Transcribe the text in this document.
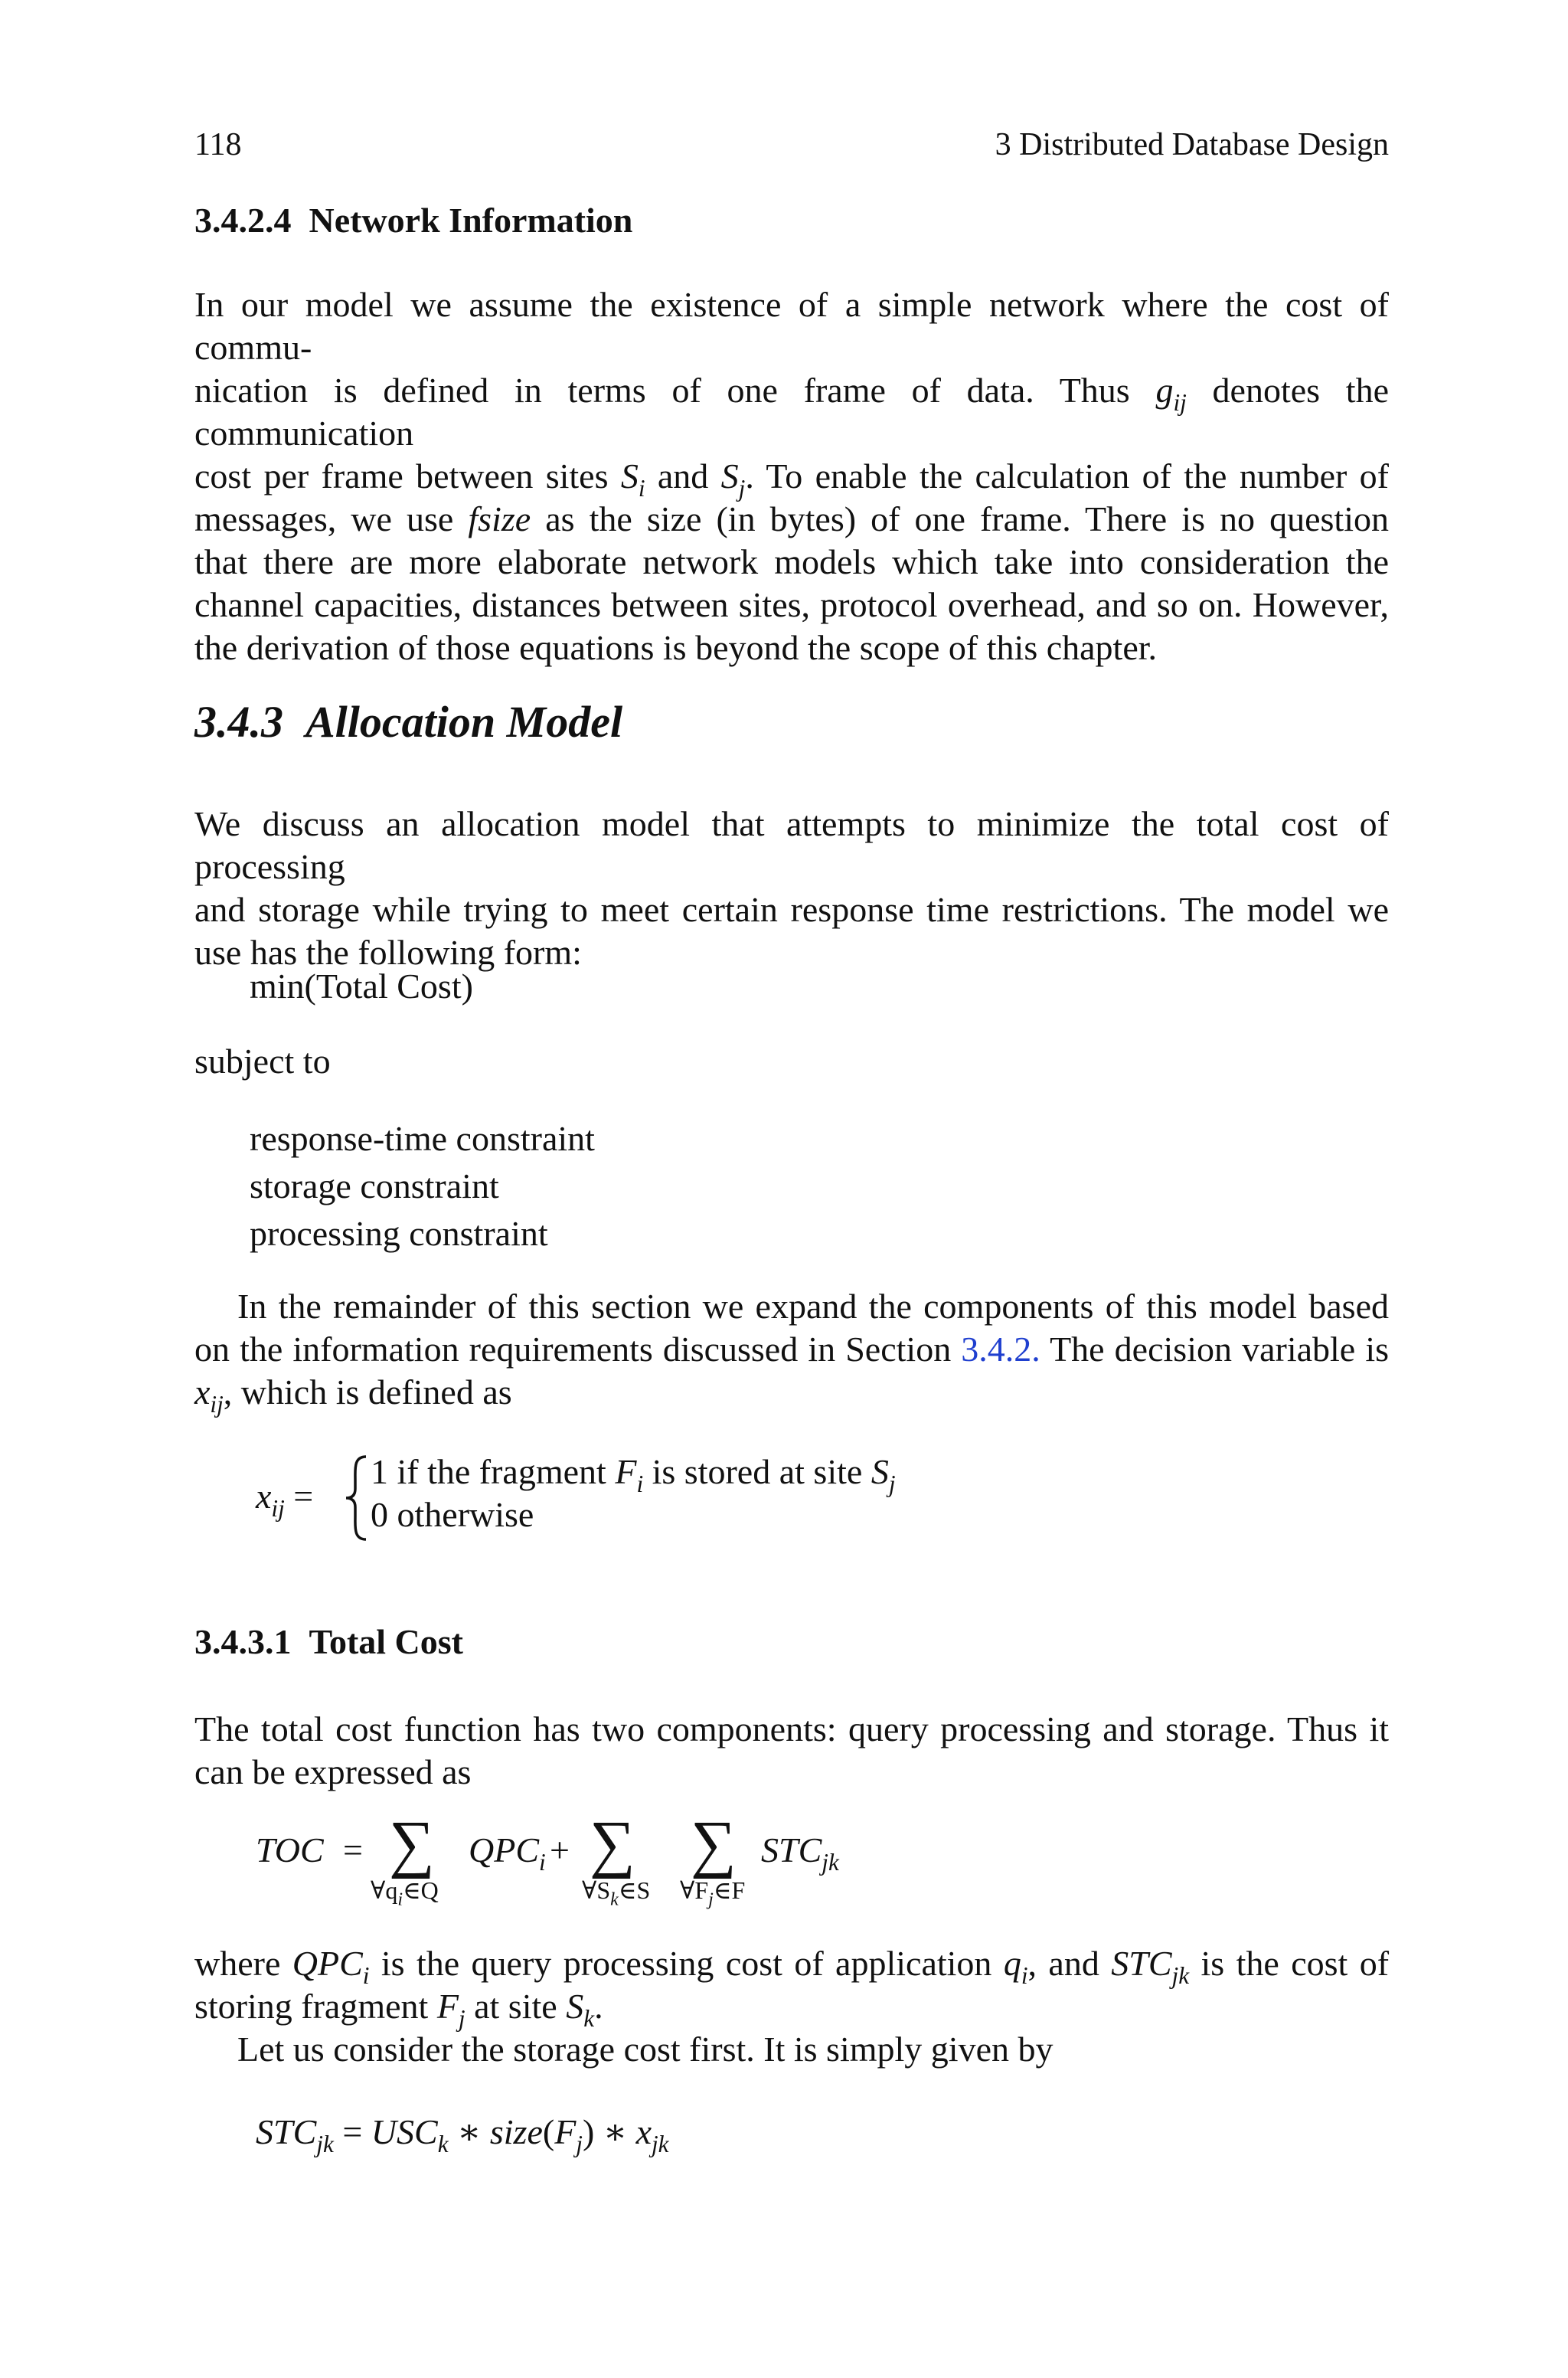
118	3 Distributed Database Design
3.4.2.4 Network Information
In our model we assume the existence of a simple network where the cost of commu-
nication is defined in terms of one frame of data. Thus $g_{ij}$ denotes the communication
cost per frame between sites $S_i$ and $S_j$. To enable the calculation of the number of
messages, we use fsize as the size (in bytes) of one frame. There is no question
that there are more elaborate network models which take into consideration the
channel capacities, distances between sites, protocol overhead, and so on. However,
the derivation of those equations is beyond the scope of this chapter.
3.4.3 Allocation Model
We discuss an allocation model that attempts to minimize the total cost of processing
and storage while trying to meet certain response time restrictions. The model we
use has the following form:
min(Total Cost)
subject to
response-time constraint
storage constraint
processing constraint
In the remainder of this section we expand the components of this model based
on the information requirements discussed in Section 3.4.2. The decision variable is
$x_{ij}$, which is defined as
$x_{ij}$ =
1 if the fragment $F_i$ is stored at site $S_j$
0 otherwise
3.4.3.1 Total Cost
The total cost function has two components: query processing and storage. Thus it
can be expressed as
TOC = ∑ $QPC_i$ + ∑ ∑ $STC_{jk}$
$\forall q_i\in Q$	$\forall S_k\in S$ $\forall F_j\in F$
where $QPC_i$ is the query processing cost of application $q_i$, and $STC_{jk}$ is the cost of
storing fragment $F_j$ at site $S_k$.
Let us consider the storage cost first. It is simply given by
$STC_{jk} = USC_k$ ∗ $size(F_j)$ ∗ $x_{jk}$
